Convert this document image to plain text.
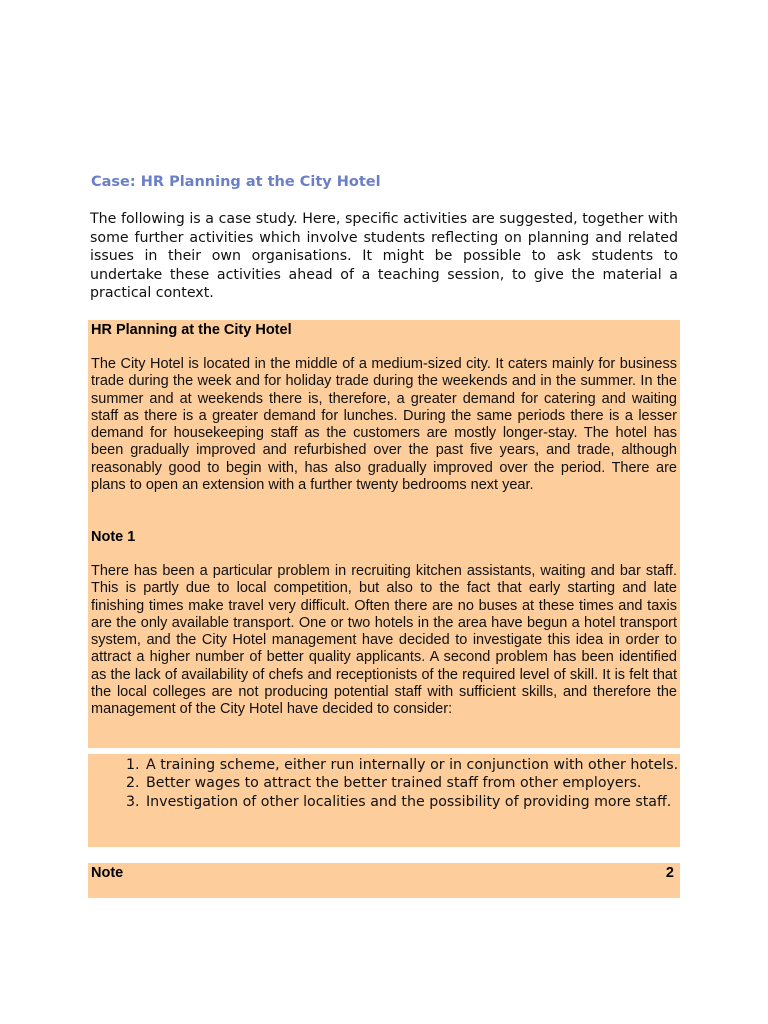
Case: HR Planning at the City Hotel

The following is a case study. Here, specific activities are suggested, together with some further activities which involve students reflecting on planning and related issues in their own organisations. It might be possible to ask students to undertake these activities ahead of a teaching session, to give the material a practical context.

HR Planning at the City Hotel

The City Hotel is located in the middle of a medium-sized city. It caters mainly for business trade during the week and for holiday trade during the weekends and in the summer. In the summer and at weekends there is, therefore, a greater demand for catering and waiting staff as there is a greater demand for lunches. During the same periods there is a lesser demand for housekeeping staff as the customers are mostly longer-stay. The hotel has been gradually improved and refurbished over the past five years, and trade, although reasonably good to begin with, has also gradually improved over the period. There are plans to open an extension with a further twenty bedrooms next year.

Note 1

There has been a particular problem in recruiting kitchen assistants, waiting and bar staff. This is partly due to local competition, but also to the fact that early starting and late finishing times make travel very difficult. Often there are no buses at these times and taxis are the only available transport. One or two hotels in the area have begun a hotel transport system, and the City Hotel management have decided to investigate this idea in order to attract a higher number of better quality applicants. A second problem has been identified as the lack of availability of chefs and receptionists of the required level of skill. It is felt that the local colleges are not producing potential staff with sufficient skills, and therefore the management of the City Hotel have decided to consider:

1. A training scheme, either run internally or in conjunction with other hotels.
2. Better wages to attract the better trained staff from other employers.
3. Investigation of other localities and the possibility of providing more staff.

Note	2
